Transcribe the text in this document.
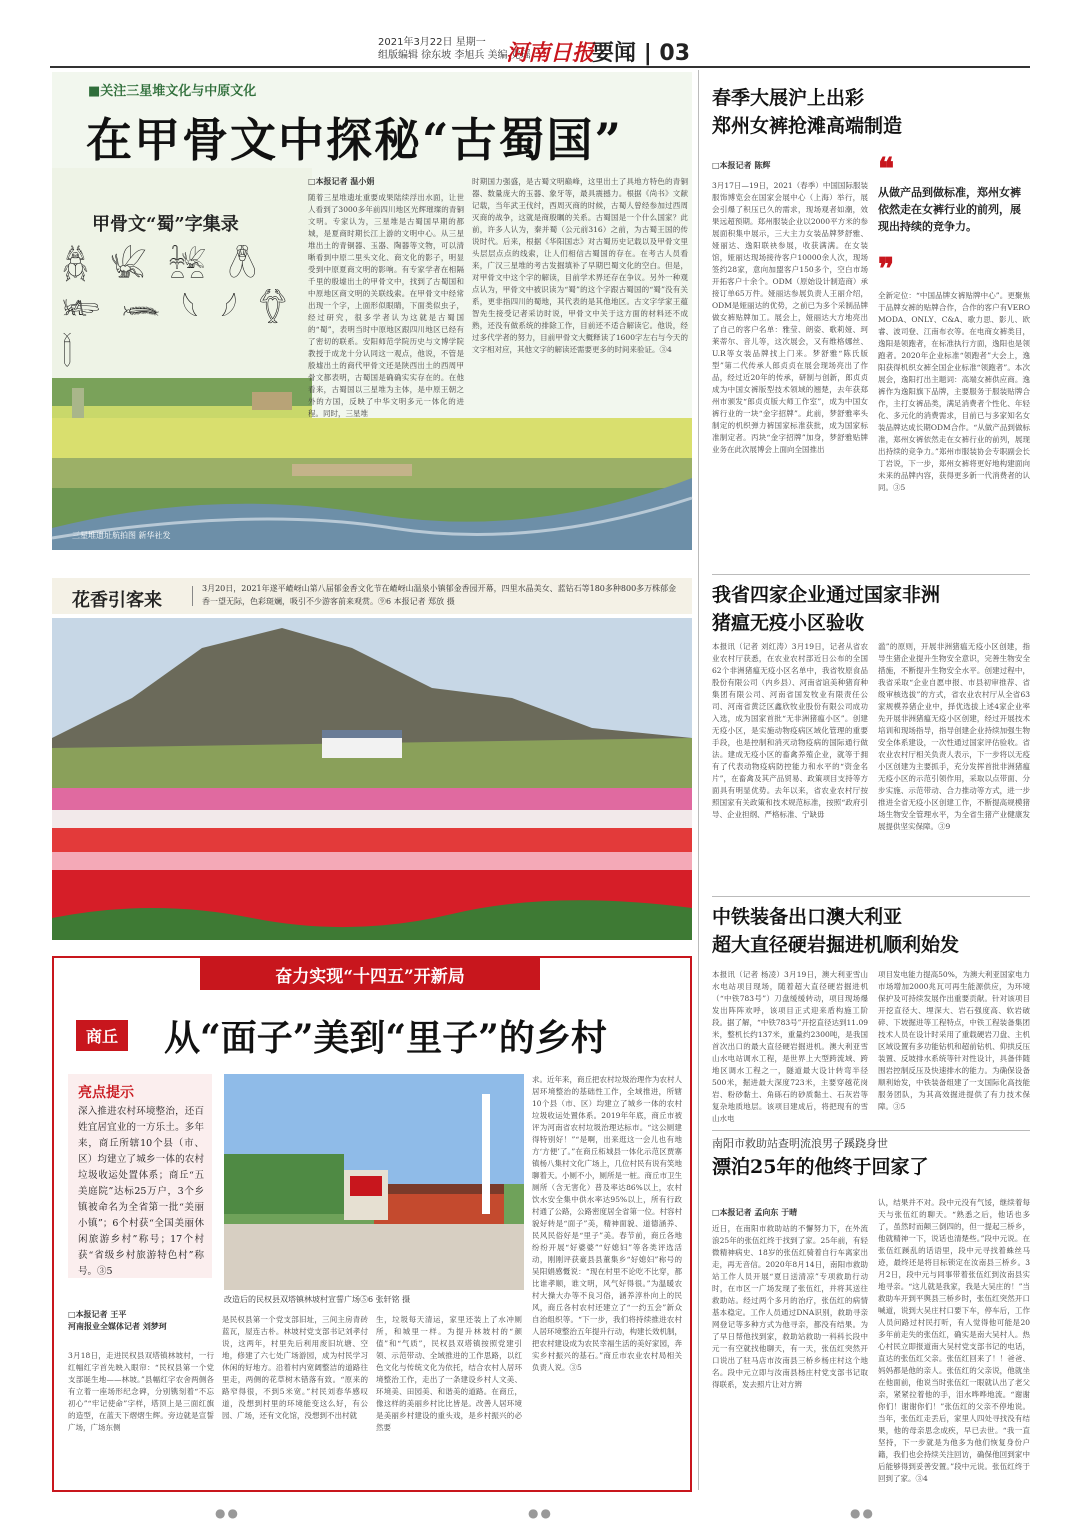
2021年3月22日 星期一
组版编辑 徐东坡 李旭兵 美编 党瑶
河南日报
要闻 | 03
■关注三星堆文化与中原文化
在甲骨文中探秘“古蜀国”
甲骨文“蜀”字集录
𓆣 𓆤 𓆥 𓆦 𓆧 𓆨 𓆩 𓆪 𓆫 𓆬
三星堆遗址航拍图 新华社发
□本报记者 温小娟
随着三星堆遗址重要成果陆续浮出水面，让世人看到了3000多年前四川地区光辉璀璨的青铜文明。专家认为，三星堆是古蜀国早期的都城，是夏商时期长江上游的文明中心。从三星堆出土的青铜器、玉器、陶器等文物，可以清晰看到中原二里头文化、商文化的影子，明显受到中原夏商文明的影响。有专家学者在相隔千里的殷墟出土的甲骨文中，找到了古蜀国和中原地区商文明的关联线索。在甲骨文中经常出现一个字，上面形似眼睛，下面类似虫子，经过研究，很多学者认为这就是古蜀国的“蜀”，表明当时中原地区跟四川地区已经有了密切的联系。安阳师范学院历史与文博学院教授于成龙十分认同这一观点，他说，不管是殷墟出土的商代甲骨文还是陕西出土的西周甲骨文都表明，古蜀国是确确实实存在的。在他看来，古蜀国以三星堆为主体，是中原王朝之外的方国，反映了中华文明多元一体化的进程。同时，三星堆
时期国力强盛，是古蜀文明巅峰，这里出土了具地方特色的青铜器、数量庞大的玉器、象牙等，最具震撼力。根据《尚书》文献记载，当年武王伐纣，西周灭商的时候，古蜀人曾经参加过西周灭商的战争，这就是商殷瞩的关系。古蜀国是一个什么国家？此前，许多人认为，秦并蜀（公元前316）之前，为古蜀王国的传说时代。后来，根据《华阳国志》对古蜀历史记载以及甲骨文里头层层点点的线索，让人们相信古蜀国的存在。在考古人员看来，广汉三星堆的考古发掘填补了早期巴蜀文化的空白。但是，对甲骨文中这个字的解读，目前学术界还存在争议。另外一种观点认为，甲骨文中被识读为“蜀”的这个字跟古蜀国的“蜀”没有关系，更非指四川的蜀地，其代表的是其他地区。古文字学家王蕴智先生接受记者采访时说，甲骨文中关于这方面的材料还不成熟，还没有做系统的排除工作，目前还不适合解读它。他说，经过多代学者的努力，目前甲骨文大概释读了1600字左右与今天的文字相对应，其他文字的解读还需要更多的时间来验证。③4
花香引客来
3月20日，2021年遂平嵖岈山第八届郁金香文化节在嵖岈山温泉小镇郁金香园开幕，四里水晶美女、蓝钻石等180多种800多万株郁金香一望无际，色彩斑斓，吸引不少游客前来观赏。⑨6 本报记者 郑放 摄
奋力实现“十四五”开新局
商丘 从“面子”美到“里子”的乡村
亮点提示
深入推进农村环境整治，还百姓宜居宜业的一方乐土。多年来，商丘所辖10个县（市、区）均建立了城乡一体的农村垃圾收运处置体系；商丘“五美庭院”达标25万户，3个乡镇被命名为全省第一批“美丽小镇”；6个村获“全国美丽休闲旅游乡村”称号；17个村获“省级乡村旅游特色村”称号。③5
改造后的民权县双塔镇林坡村宣誓广场⑤6 张轩铭 摄
□本报记者 王平
河南报业全媒体记者 刘梦珂
3月18日，走进民权县双塔镇林坡村，一行红幅红字首先映入眼帘：“民权县第一个党支部诞生地——林坡。”县幅红字农舍两侧各有立着一座场形纪念碑，分别镌刻着“不忘初心”“牢记使命”字样，塔顶上是三面红旗的造型，在蓝天下熠熠生辉。旁边就是宣誓广场，广场东侧
是民权县第一个党支部旧址，三间主房青砖蓝瓦，屋连古朴。林坡村党支部书记刘孝付说，这两年，村里先后利用废旧坑塘、空地，修建了六七处广场游园，成为村民学习休闲的好地方。沿着村内宽阔整洁的道路往里走，两侧的花草树木错落有致。“原来的路窄得很，不到5米宽。”村民刘春华感叹道，没想到村里的环境能变这么好，有公园、广场，还有文化馆，没想到不出村就
生，垃圾每天清运，家里还装上了水冲厕所，和城里一样。为提升林坡村的“颜值”和“气质”，民权县双塔镇按照党建引领、示范带动、全域推进的工作思路，以红色文化与传统文化为依托，结合农村人居环境整治工作，走出了一条建设乡村人文美、环境美、田园美、和谐美的道路。在商丘，像这样的美丽乡村比比皆是。改善人居环境是美丽乡村建设的重头戏，是乡村振兴的必然要
求。近年来，商丘把农村垃圾治理作为农村人居环境整治的基础性工作，全域推进，所辖10个县（市、区）均建立了城乡一体的农村垃圾收运处置体系。2019年年底，商丘市被评为河南省农村垃圾治理达标市。“这公厕建得特别好！”“是啊，出来逛这一会儿也有地方‘方便’了。”在商丘柘城县一体化示范区贾寨镇杨八集村文化广场上，几位村民有说有笑地聊着天。小厕不小，厕所是一桩。商丘市卫生厕所（含无害化）普及率达86%以上，农村饮水安全集中供水率达95%以上，所有行政村通了公路，公路密度居全省第一位。村容村貌好转是“面子”美，精神面貌、道德涵养、民风民俗好是“里子”美。春节前，商丘各地纷纷开展“好婆婆”“好媳妇”等各类评选活动，刚刚评获豪县县董集乡“好媳妇”称号的吴阳娟感慨说：“现在村里不论吃不比穿，都比谁孝顺，谁文明，风气好得很。”为温暖农村大操大办等不良习俗，涵养淳朴向上的民风，商丘各村农村还建立了“一约五会”新众自治组织等。“下一步，我们将持续推进农村人居环境整治五年提升行动，构建长效机制，把农村建设成为农民幸福生活的美好家园，奔实乡村振兴的基石。”商丘市农业农村局相关负责人说。③5
春季大展沪上出彩
郑州女裤抢滩高端制造
□本报记者 陈辉	❝
从做产品到做标准，郑州女裤依然走在女裤行业的前列，展现出持续的竞争力。
❞
3月17日—19日，2021（春季）中国国际服装服饰博览会在国家会展中心（上海）举行，展会引爆了积压已久的需求，现场观者如潮，效果远超预期。郑州服装企业以2000平方米的参展面积集中展示，三大主力女装品牌梦舒雅、娅丽达、逸阳联袂参展，收获满满。在女装馆，娅丽达现场接待客户10000余人次，现场签约28家，意向加盟客户150多个，空白市场开拓客户十余个。ODM（原始设计制造商）承接订单65万件。娅丽达参展负责人王丽介绍，ODM是娅丽达的优势，之前已为多个采制品牌做女裤贴牌加工。展会上，娅丽达大方地亮出了自己的客户名单：雅莹、朗姿、歌莉娅、珂莱蒂尔、音儿等，这次展会，又有维格娜丝、U.R等女装品牌找上门来。梦舒雅“陈氏版型”第二代传承人郎贞贞在展会现场亮出了作品，经过近20年的传承，研制与创新，郎贞贞成为中国女裤版型技术领域的翘楚，去年获郑州市颁发“郎贞贞版大师工作室”，成为中国女裤行业的一块“金字招牌”。此前，梦舒雅率头制定的机织弹力裤国家标准获批，成为国家标准制定者。丙块“金字招牌”加身，梦舒雅贴牌业务在此次展博会上面向全国推出
全新定位：“中国品牌女裤贴牌中心”。更聚焦于品牌女裤的贴牌合作，合作的客户有VERO MODA、ONLY、C&A、歌力思、影儿、欧睿、波司登、江南布衣等。在电商女裤类目，逸阳是领跑者，在标准执行方面，逸阳也是领跑者。2020年企业标准“领跑者”大会上，逸阳获得机织女裤全国企业标准“领跑者”。本次展会，逸阳打出主题词：高端女裤供应商。逸裤作为逸阳旗下品牌，主要服务于服装贴牌合作，主打女裤品类，满足消费者个性化、年轻化、多元化的消费需求，目前已与多家知名女装品牌达成长期ODM合作。“从做产品到做标准，郑州女裤依然走在女裤行业的前列，展现出持续的竞争力。”郑州市服装协会专职副会长丁岩说，下一步，郑州女裤将更好地构建面向未来的品牌内容，获得更多新一代消费者的认同。③5
我省四家企业通过国家非洲
猪瘟无疫小区验收
本报讯（记者 刘红涛）3月19日，记者从省农业农村厅获悉，在农业农村部近日公布的全国62个非洲猪瘟无疫小区名单中，我省牧原食品股份有限公司（内乡县）、河南省谊美种猪育种集团有限公司、河南省国发牧业有限责任公司、河南省黄泛区鑫欣牧业股份有限公司成功入选，成为国家首批“无非洲猪瘟小区”。创建无疫小区，是实施动物疫病区域化管理的重要手段，也是控制和消灭动物疫病的国际通行做法。建成无疫小区的畜禽养殖企业，就等于拥有了代表动物疫病防控能力和水平的“资金名片”，在畜禽及其产品贸易、政策项目支持等方面具有明显优势。去年以来，省农业农村厅按照国家有关政策和技术规范标准，按照“政府引导、企业担纲、严格标准、宁缺毋
滥”的原则，开展非洲猪瘟无疫小区创建，指导生猪企业提升生物安全意识，完善生物安全措施，不断提升生物安全水平。创建过程中，我省采取“企业自愿申报、市县初审推荐、省级审核选拔”的方式，省农业农村厅从全省63家规模养猪企业中，择优选拔上述4家企业率先开展非洲猪瘟无疫小区创建，经过开展技术培训和现场指导，指导创建企业持续加强生物安全体系建设，一次性通过国家评估验收。省农业农村厅相关负责人表示，下一步将以无疫小区创建为主要抓手，充分发挥首批非洲猪瘟无疫小区的示范引领作用，采取以点带面、分步实施、示范带动、合力推动等方式，进一步推进全省无疫小区创建工作，不断提高规模猪场生物安全管理水平，为全省生猪产业健康发展提供坚实保障。③9
中铁装备出口澳大利亚
超大直径硬岩掘进机顺利始发
本报讯（记者 杨凌）3月19日，澳大利亚雪山水电站项目现场，随着超大直径硬岩掘进机（“中铁783号”）刀盘缓缓转动，项目现场爆发出阵阵欢呼，该项目正式迎来盾构施工阶段。据了解，“中铁783号”开挖直径达到11.09米，整机长约137米，重量约2300吨，是我国首次出口的最大直径硬岩掘进机。澳大利亚雪山水电站调水工程，是世界上大型跨流域、跨地区调水工程之一，隧道最大设计转弯半径500米，掘进最大深度723米，主要穿越花岗岩、粉砂黏土、角砾石的砂质黏土、石灰岩等复杂地质地层。该项目建成后，将把现有的雪山水电
项目发电能力提高50%，为澳大利亚国家电力市场增加2000兆瓦可再生能源供应，为环境保护及可持续发展作出重要贡献。针对该项目开挖直径大、埋深大、岩石强度高、软岩破碎、下坡掘进等工程特点，中铁工程装备集团技术人员在设计时采用了重载硬岩刀盘、主机区域设置有多功能钻机和超前钻机、仰拱反压装置、反坡排水系统等针对性设计，具备伴随围岩控制反压及快速排水的能力。为确保设备顺利始发，中铁装备组建了一支国际化高技能服务团队，为其高效掘进提供了有力技术保障。③5
南阳市救助站查明流浪男子蹊跷身世
漂泊25年的他终于回家了
□本报记者 孟向东 于晴
近日，在南阳市救助站的不懈努力下，在外流浪25年的张伍红终于找到了家。25年前，有轻微精神病史、18岁的张伍红骑着自行车离家出走，再无音信。2020年8月14日，南阳市救助站工作人员开展“夏日送清凉”专项救助行动时，在市区一广场发现了张伍红，并将其送往救助站。经过两个多月的治疗，张伍红的病情基本稳定。工作人员通过DNA识别，救助寻亲网登记等多种方式为他寻亲，都没有结果。为了早日帮他找到家，救助站救助一科科长段中元一有空就找他聊天，有一天，张伍红突然开口说出了驻马店市汝南县三桥乡杨庄村这个地名。段中元立即与汝南县杨庄村党支部书记取得联系，发去照片让对方辨
认，结果并不对。段中元没有气馁，继续着每天与张伍红的聊天。“熟悉之后，他话也多了，虽然时而颠三倒四的，但一提起三桥乡，他就精神一下，说话也清楚些。”段中元说。在张伍红蹊乱的话语里，段中元寻找着蛛丝马迹，最终还是将目标锁定在汝南县三桥乡。3月2日，段中元与同事带着张伍红到汝南县实地寻亲。“这儿就是我家，我是大吴庄的！”当救助车开到平舆县三桥乡时，张伍红突然开口喊道，说到大吴庄村口要下车，停车后，工作人员问路过村民打听，有人觉得他可能是20多年前走失的张伍红，确实是南大吴村人。热心村民立即报道南大吴村党支部书记的电话，直达的张伍红父亲。张伍红回来了！！爸爸、妈妈都是他的亲人。张伍红的父亲说，他就坐在他面前，他说当时张伍红一眼就认出了老父亲，紧紧拉着他的手，泪水哗哗地流。“谢谢你们！谢谢你们！”张伍红的父亲不停地说。当年，张伍红走丢后，家里人四处寻找没有结果，他的母亲思念成疾，早已去世。“我一直坚持，下一步就是为他多为他们恢复身份户籍，我们也会持续关注回访，确保他回到家中后能够得到妥善安置。”段中元说。张伍红终于回到了家。③4
●●	●●	●●
